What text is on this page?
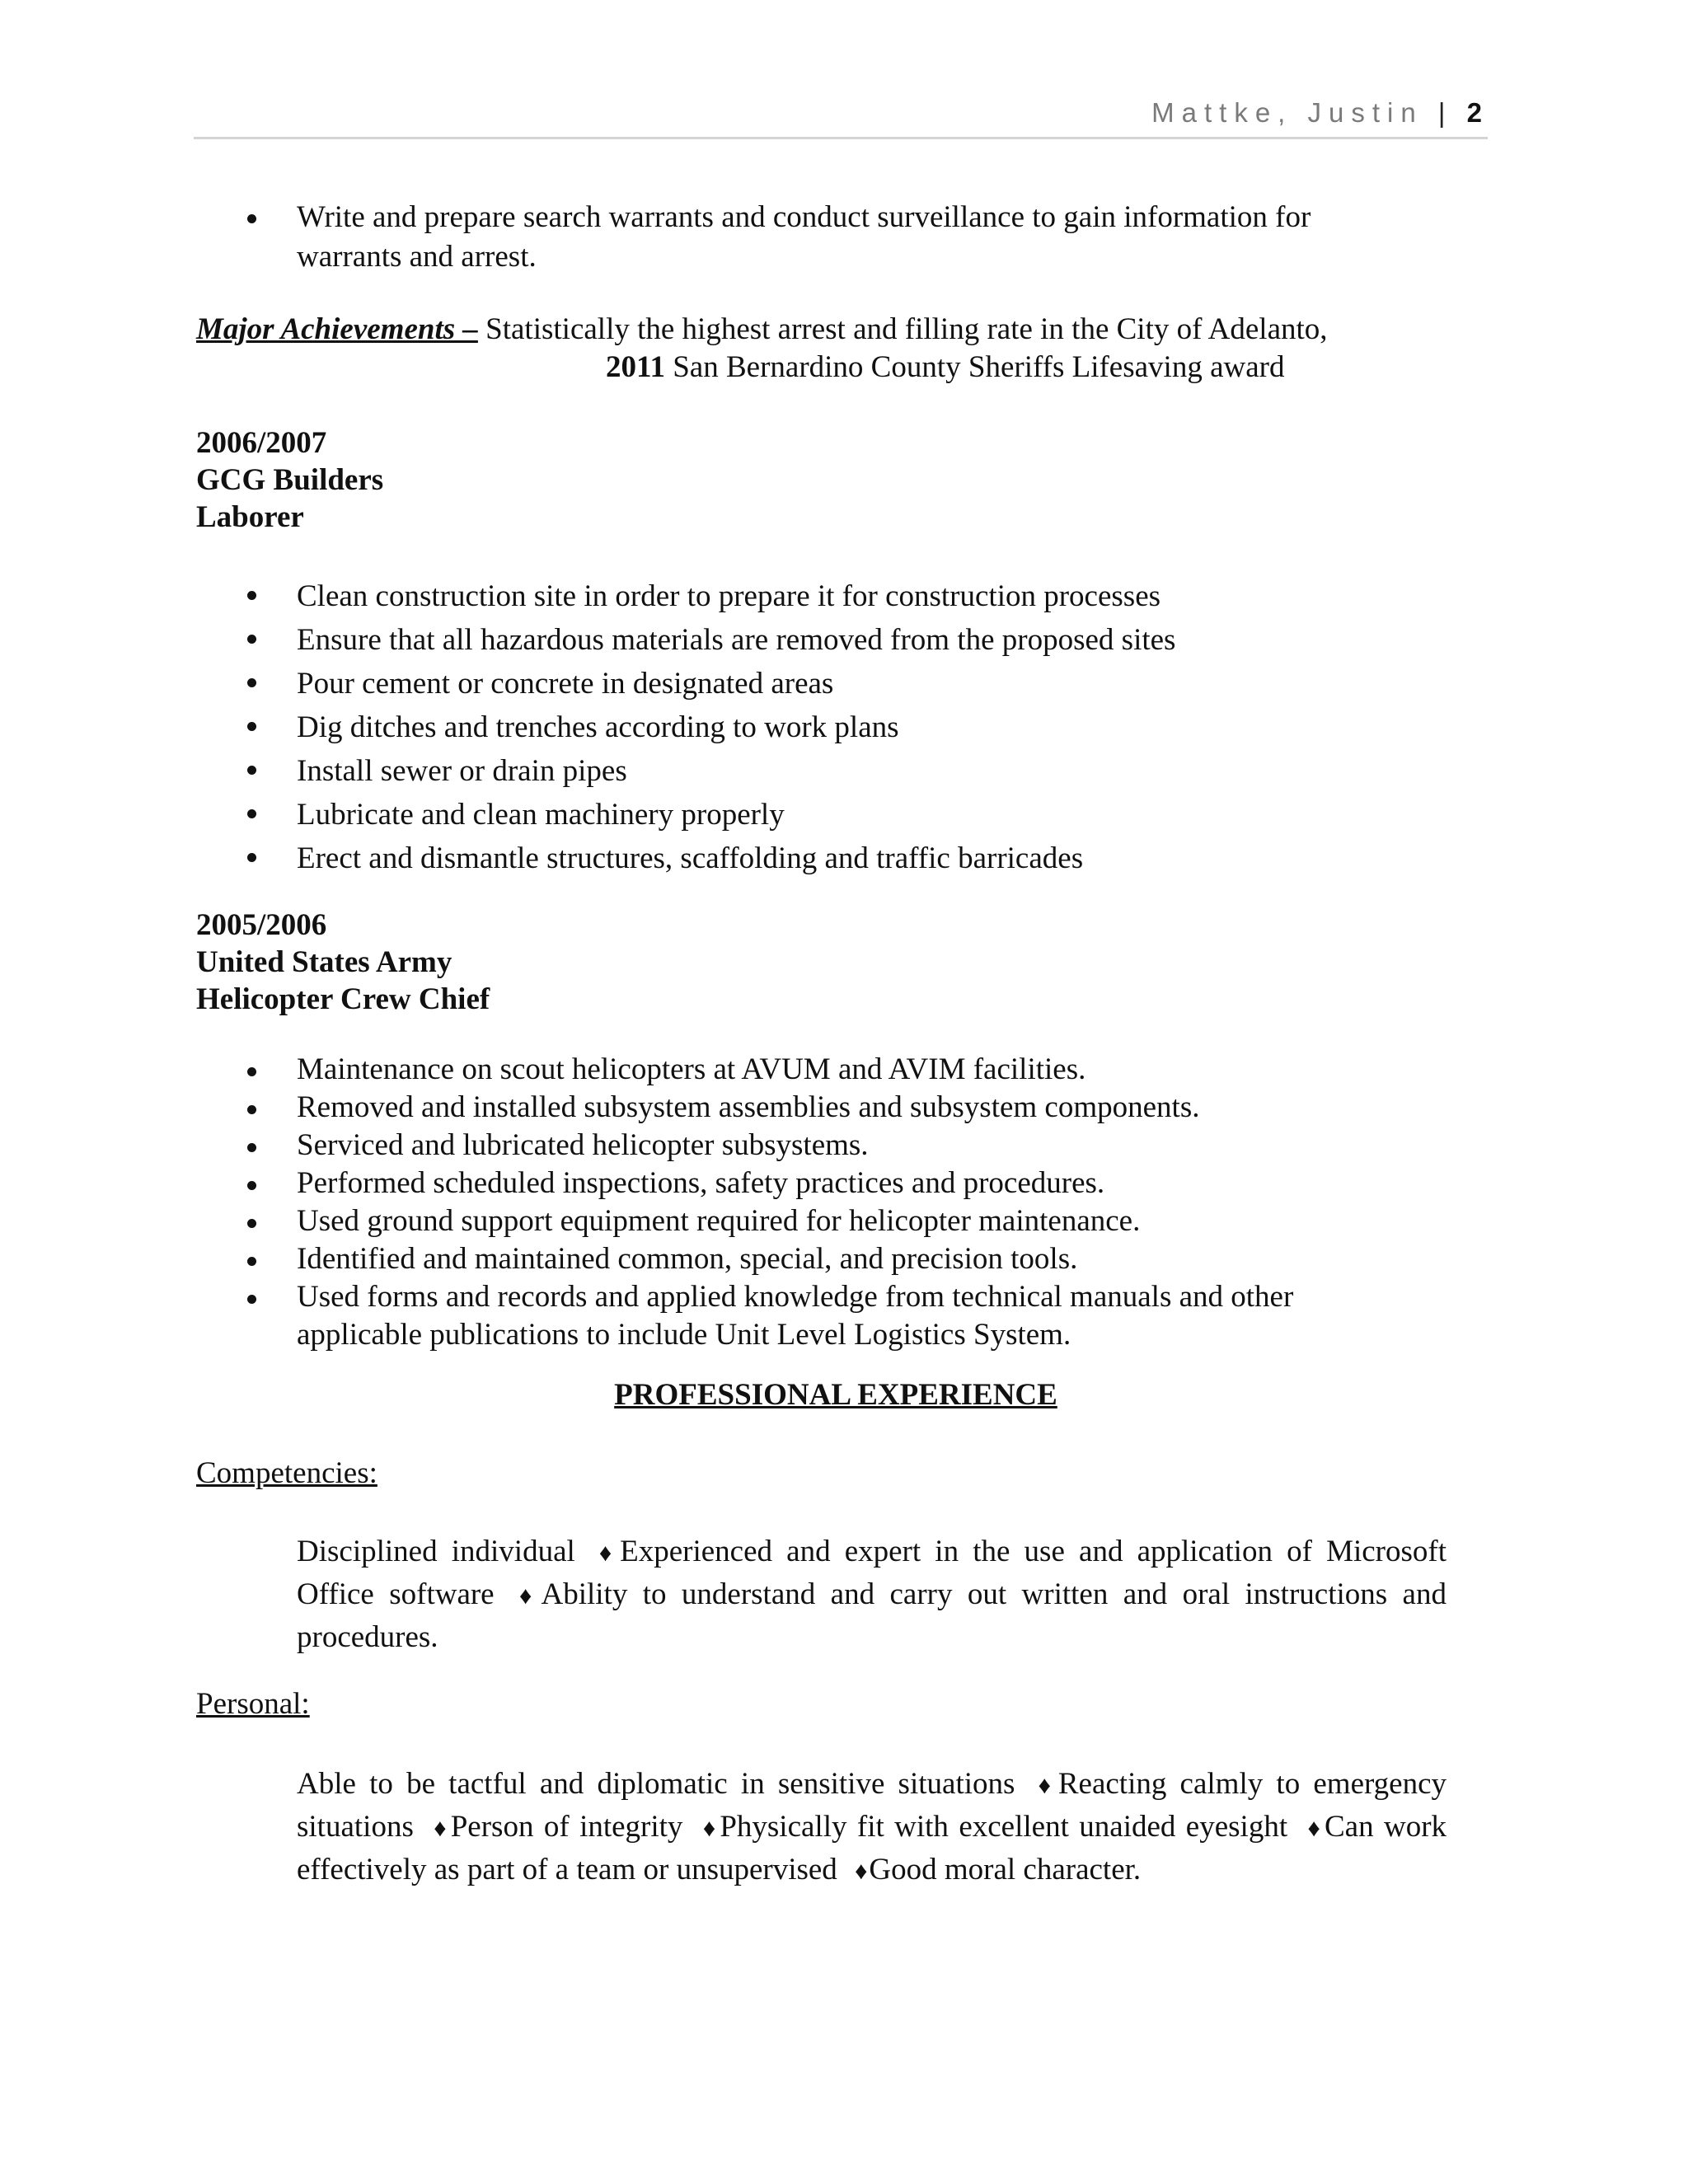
Mattke, Justin | 2
Write and prepare search warrants and conduct surveillance to gain information for
warrants and arrest.
Major Achievements – Statistically the highest arrest and filling rate in the City of Adelanto,
2011 San Bernardino County Sheriffs Lifesaving award
2006/2007
GCG Builders
Laborer
Clean construction site in order to prepare it for construction processes
Ensure that all hazardous materials are removed from the proposed sites
Pour cement or concrete in designated areas
Dig ditches and trenches according to work plans
Install sewer or drain pipes
Lubricate and clean machinery properly
Erect and dismantle structures, scaffolding and traffic barricades
2005/2006
United States Army
Helicopter Crew Chief
Maintenance on scout helicopters at AVUM and AVIM facilities.
Removed and installed subsystem assemblies and subsystem components.
Serviced and lubricated helicopter subsystems.
Performed scheduled inspections, safety practices and procedures.
Used ground support equipment required for helicopter maintenance.
Identified and maintained common, special, and precision tools.
Used forms and records and applied knowledge from technical manuals and other
applicable publications to include Unit Level Logistics System.
PROFESSIONAL EXPERIENCE
Competencies:
Disciplined individual ♦Experienced and expert in the use and application of Microsoft Office software ♦Ability to understand and carry out written and oral instructions and procedures.
Personal:
Able to be tactful and diplomatic in sensitive situations ♦Reacting calmly to emergency situations ♦Person of integrity ♦Physically fit with excellent unaided eyesight ♦Can work effectively as part of a team or unsupervised ♦Good moral character.
